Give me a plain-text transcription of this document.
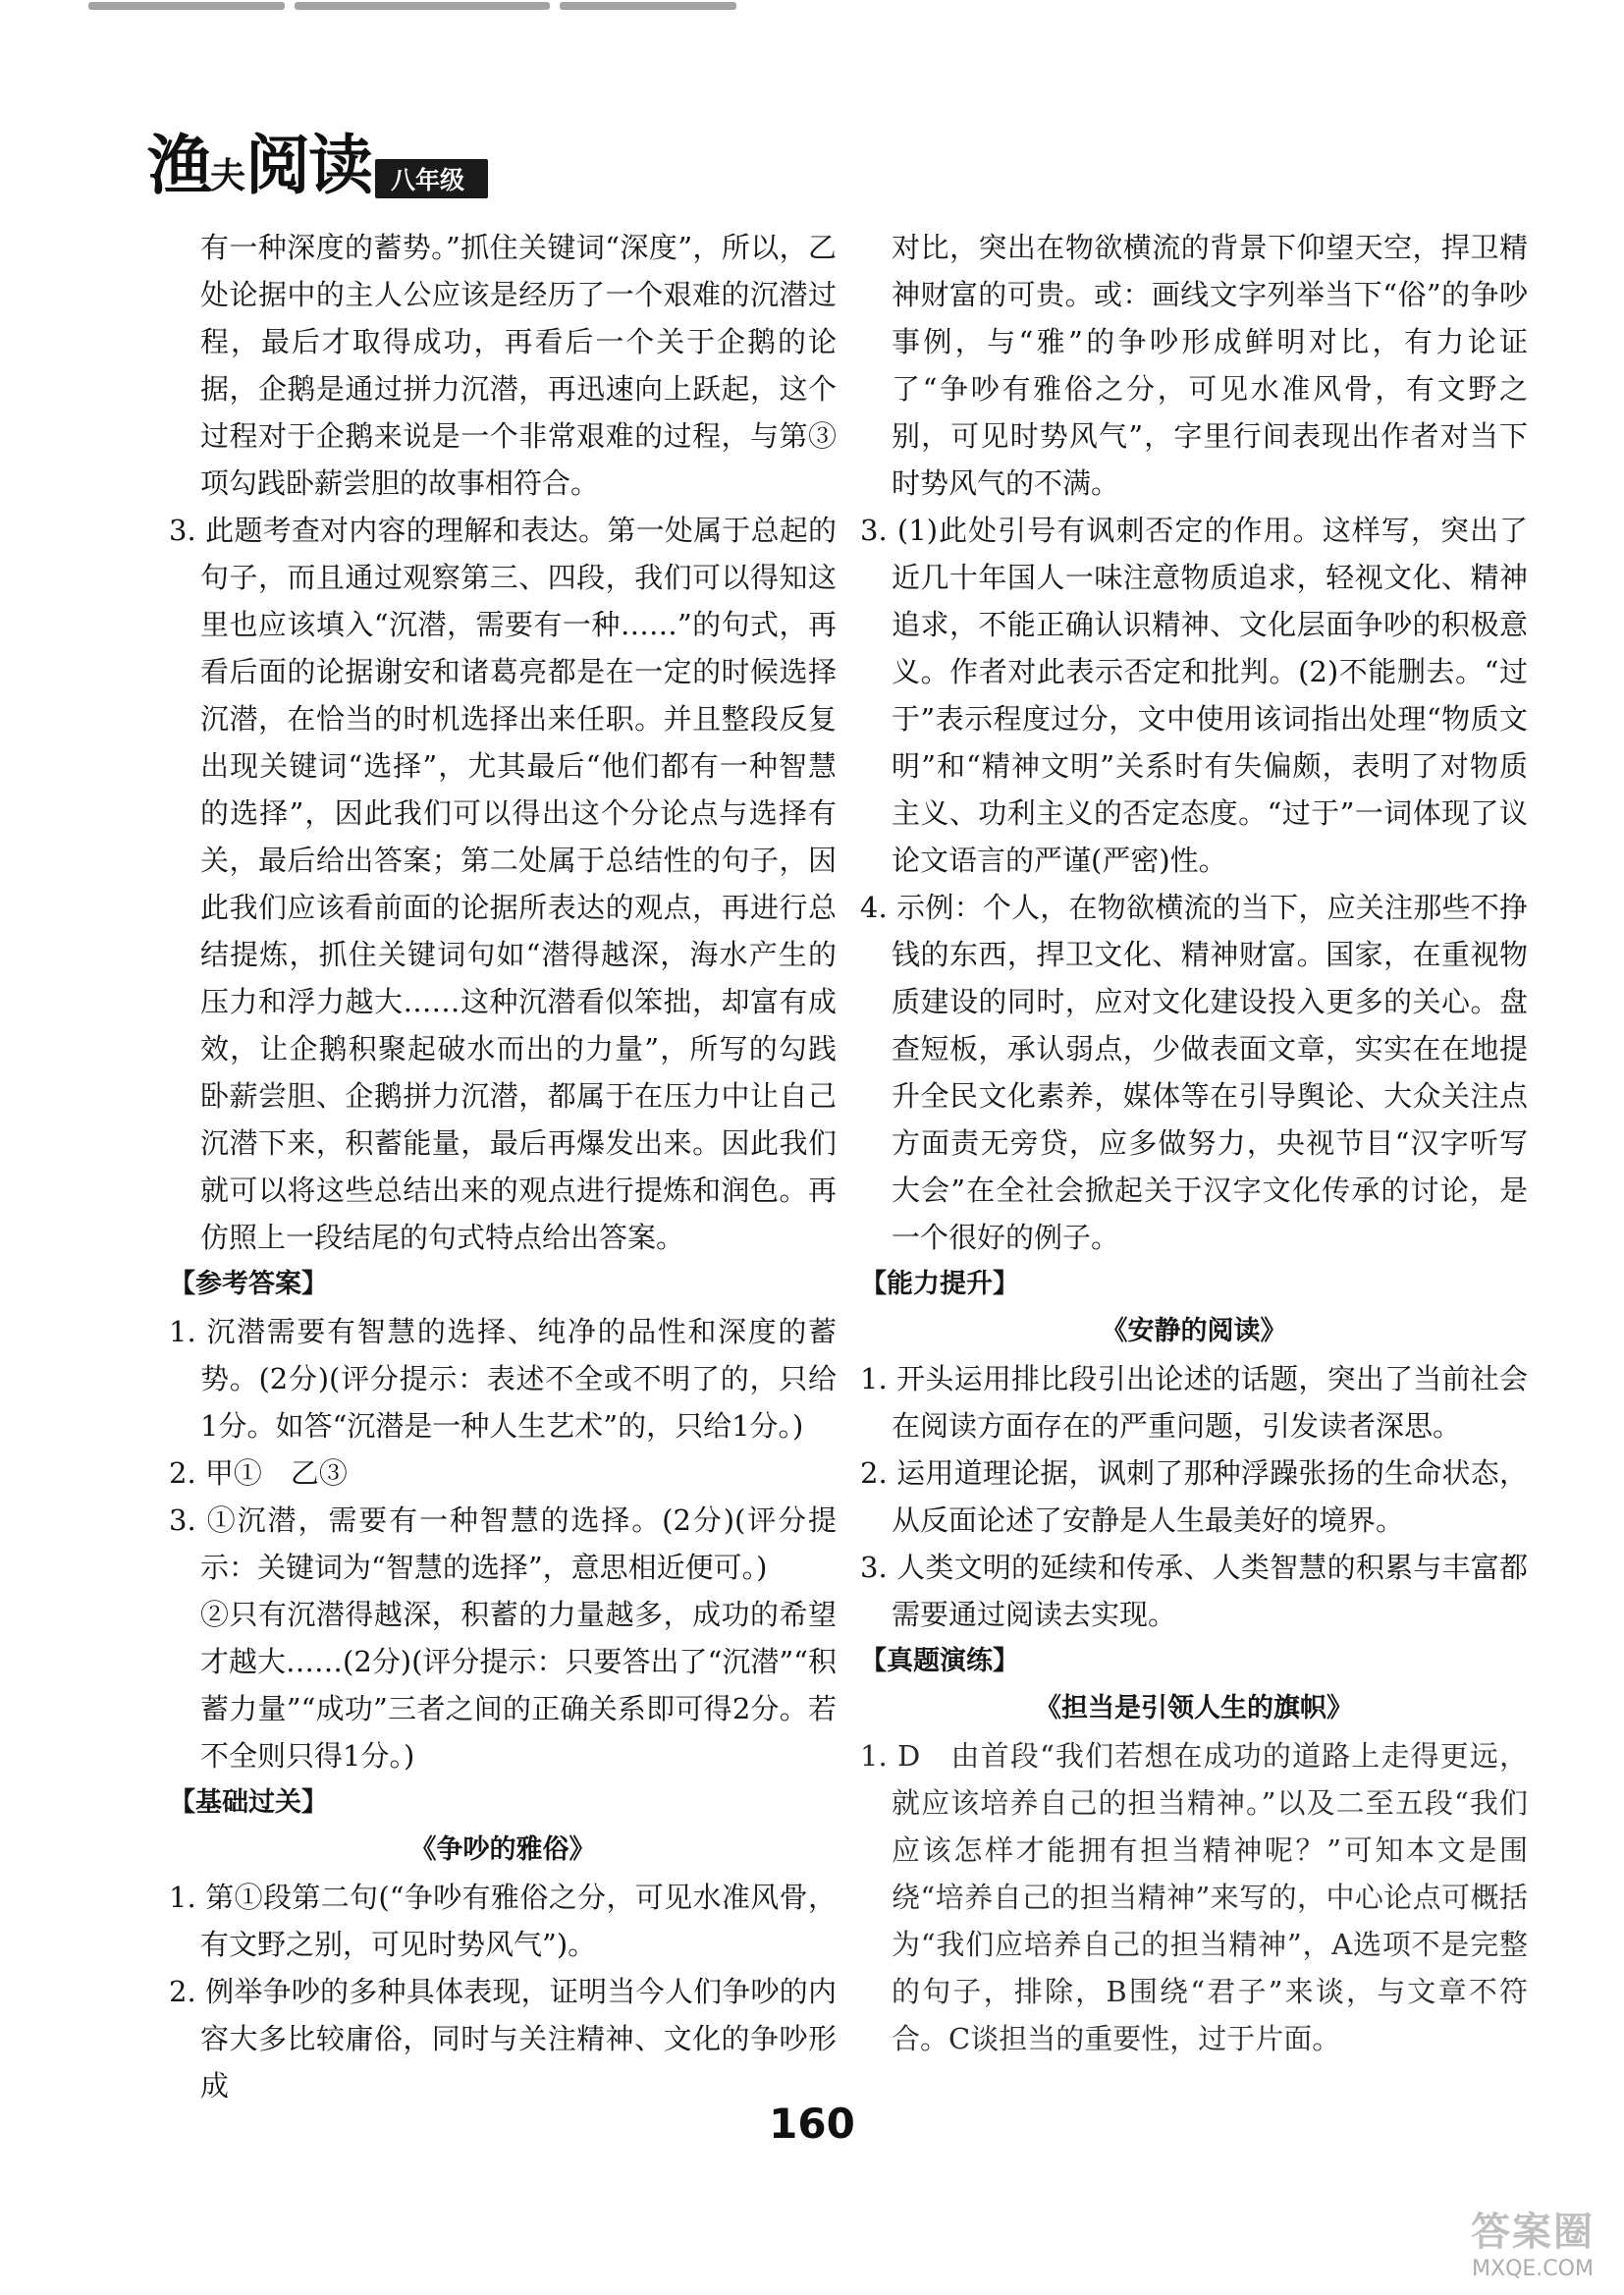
渔夫阅读 八年级

有一种深度的蓄势。”抓住关键词“深度”，所以，乙处论据中的主人公应该是经历了一个艰难的沉潜过程，最后才取得成功，再看后一个关于企鹅的论据，企鹅是通过拼力沉潜，再迅速向上跃起，这个过程对于企鹅来说是一个非常艰难的过程，与第③项勾践卧薪尝胆的故事相符合。

3. 此题考查对内容的理解和表达。第一处属于总起的句子，而且通过观察第三、四段，我们可以得知这里也应该填入“沉潜，需要有一种……”的句式，再看后面的论据谢安和诸葛亮都是在一定的时候选择沉潜，在恰当的时机选择出来任职。并且整段反复出现关键词“选择”，尤其最后“他们都有一种智慧的选择”，因此我们可以得出这个分论点与选择有关，最后给出答案；第二处属于总结性的句子，因此我们应该看前面的论据所表达的观点，再进行总结提炼，抓住关键词句如“潜得越深，海水产生的压力和浮力越大……这种沉潜看似笨拙，却富有成效，让企鹅积聚起破水而出的力量”，所写的勾践卧薪尝胆、企鹅拼力沉潜，都属于在压力中让自己沉潜下来，积蓄能量，最后再爆发出来。因此我们就可以将这些总结出来的观点进行提炼和润色。再仿照上一段结尾的句式特点给出答案。

【参考答案】

1. 沉潜需要有智慧的选择、纯净的品性和深度的蓄势。(2分)(评分提示：表述不全或不明了的，只给1分。如答“沉潜是一种人生艺术”的，只给1分。)

2. 甲①　乙③

3. ①沉潜，需要有一种智慧的选择。(2分)(评分提示：关键词为“智慧的选择”，意思相近便可。)

②只有沉潜得越深，积蓄的力量越多，成功的希望才越大……(2分)(评分提示：只要答出了“沉潜”“积蓄力量”“成功”三者之间的正确关系即可得2分。若不全则只得1分。)

【基础过关】

《争吵的雅俗》

1. 第①段第二句(“争吵有雅俗之分，可见水准风骨，有文野之别，可见时势风气”)。

2. 例举争吵的多种具体表现，证明当今人们争吵的内容大多比较庸俗，同时与关注精神、文化的争吵形成

对比，突出在物欲横流的背景下仰望天空，捍卫精神财富的可贵。或：画线文字列举当下“俗”的争吵事例，与“雅”的争吵形成鲜明对比，有力论证了“争吵有雅俗之分，可见水准风骨，有文野之别，可见时势风气”，字里行间表现出作者对当下时势风气的不满。

3. (1)此处引号有讽刺否定的作用。这样写，突出了近几十年国人一味注意物质追求，轻视文化、精神追求，不能正确认识精神、文化层面争吵的积极意义。作者对此表示否定和批判。(2)不能删去。“过于”表示程度过分，文中使用该词指出处理“物质文明”和“精神文明”关系时有失偏颇，表明了对物质主义、功利主义的否定态度。“过于”一词体现了议论文语言的严谨(严密)性。

4. 示例：个人，在物欲横流的当下，应关注那些不挣钱的东西，捍卫文化、精神财富。国家，在重视物质建设的同时，应对文化建设投入更多的关心。盘查短板，承认弱点，少做表面文章，实实在在地提升全民文化素养，媒体等在引导舆论、大众关注点方面责无旁贷，应多做努力，央视节目“汉字听写大会”在全社会掀起关于汉字文化传承的讨论，是一个很好的例子。

【能力提升】

《安静的阅读》

1. 开头运用排比段引出论述的话题，突出了当前社会在阅读方面存在的严重问题，引发读者深思。

2. 运用道理论据，讽刺了那种浮躁张扬的生命状态，从反面论述了安静是人生最美好的境界。

3. 人类文明的延续和传承、人类智慧的积累与丰富都需要通过阅读去实现。

【真题演练】

《担当是引领人生的旗帜》

1. D　由首段“我们若想在成功的道路上走得更远，就应该培养自己的担当精神。”以及二至五段“我们应该怎样才能拥有担当精神呢？”可知本文是围绕“培养自己的担当精神”来写的，中心论点可概括为“我们应培养自己的担当精神”，A选项不是完整的句子，排除，B围绕“君子”来谈，与文章不符合。C谈担当的重要性，过于片面。

160
答案圈
MXQE.COM
